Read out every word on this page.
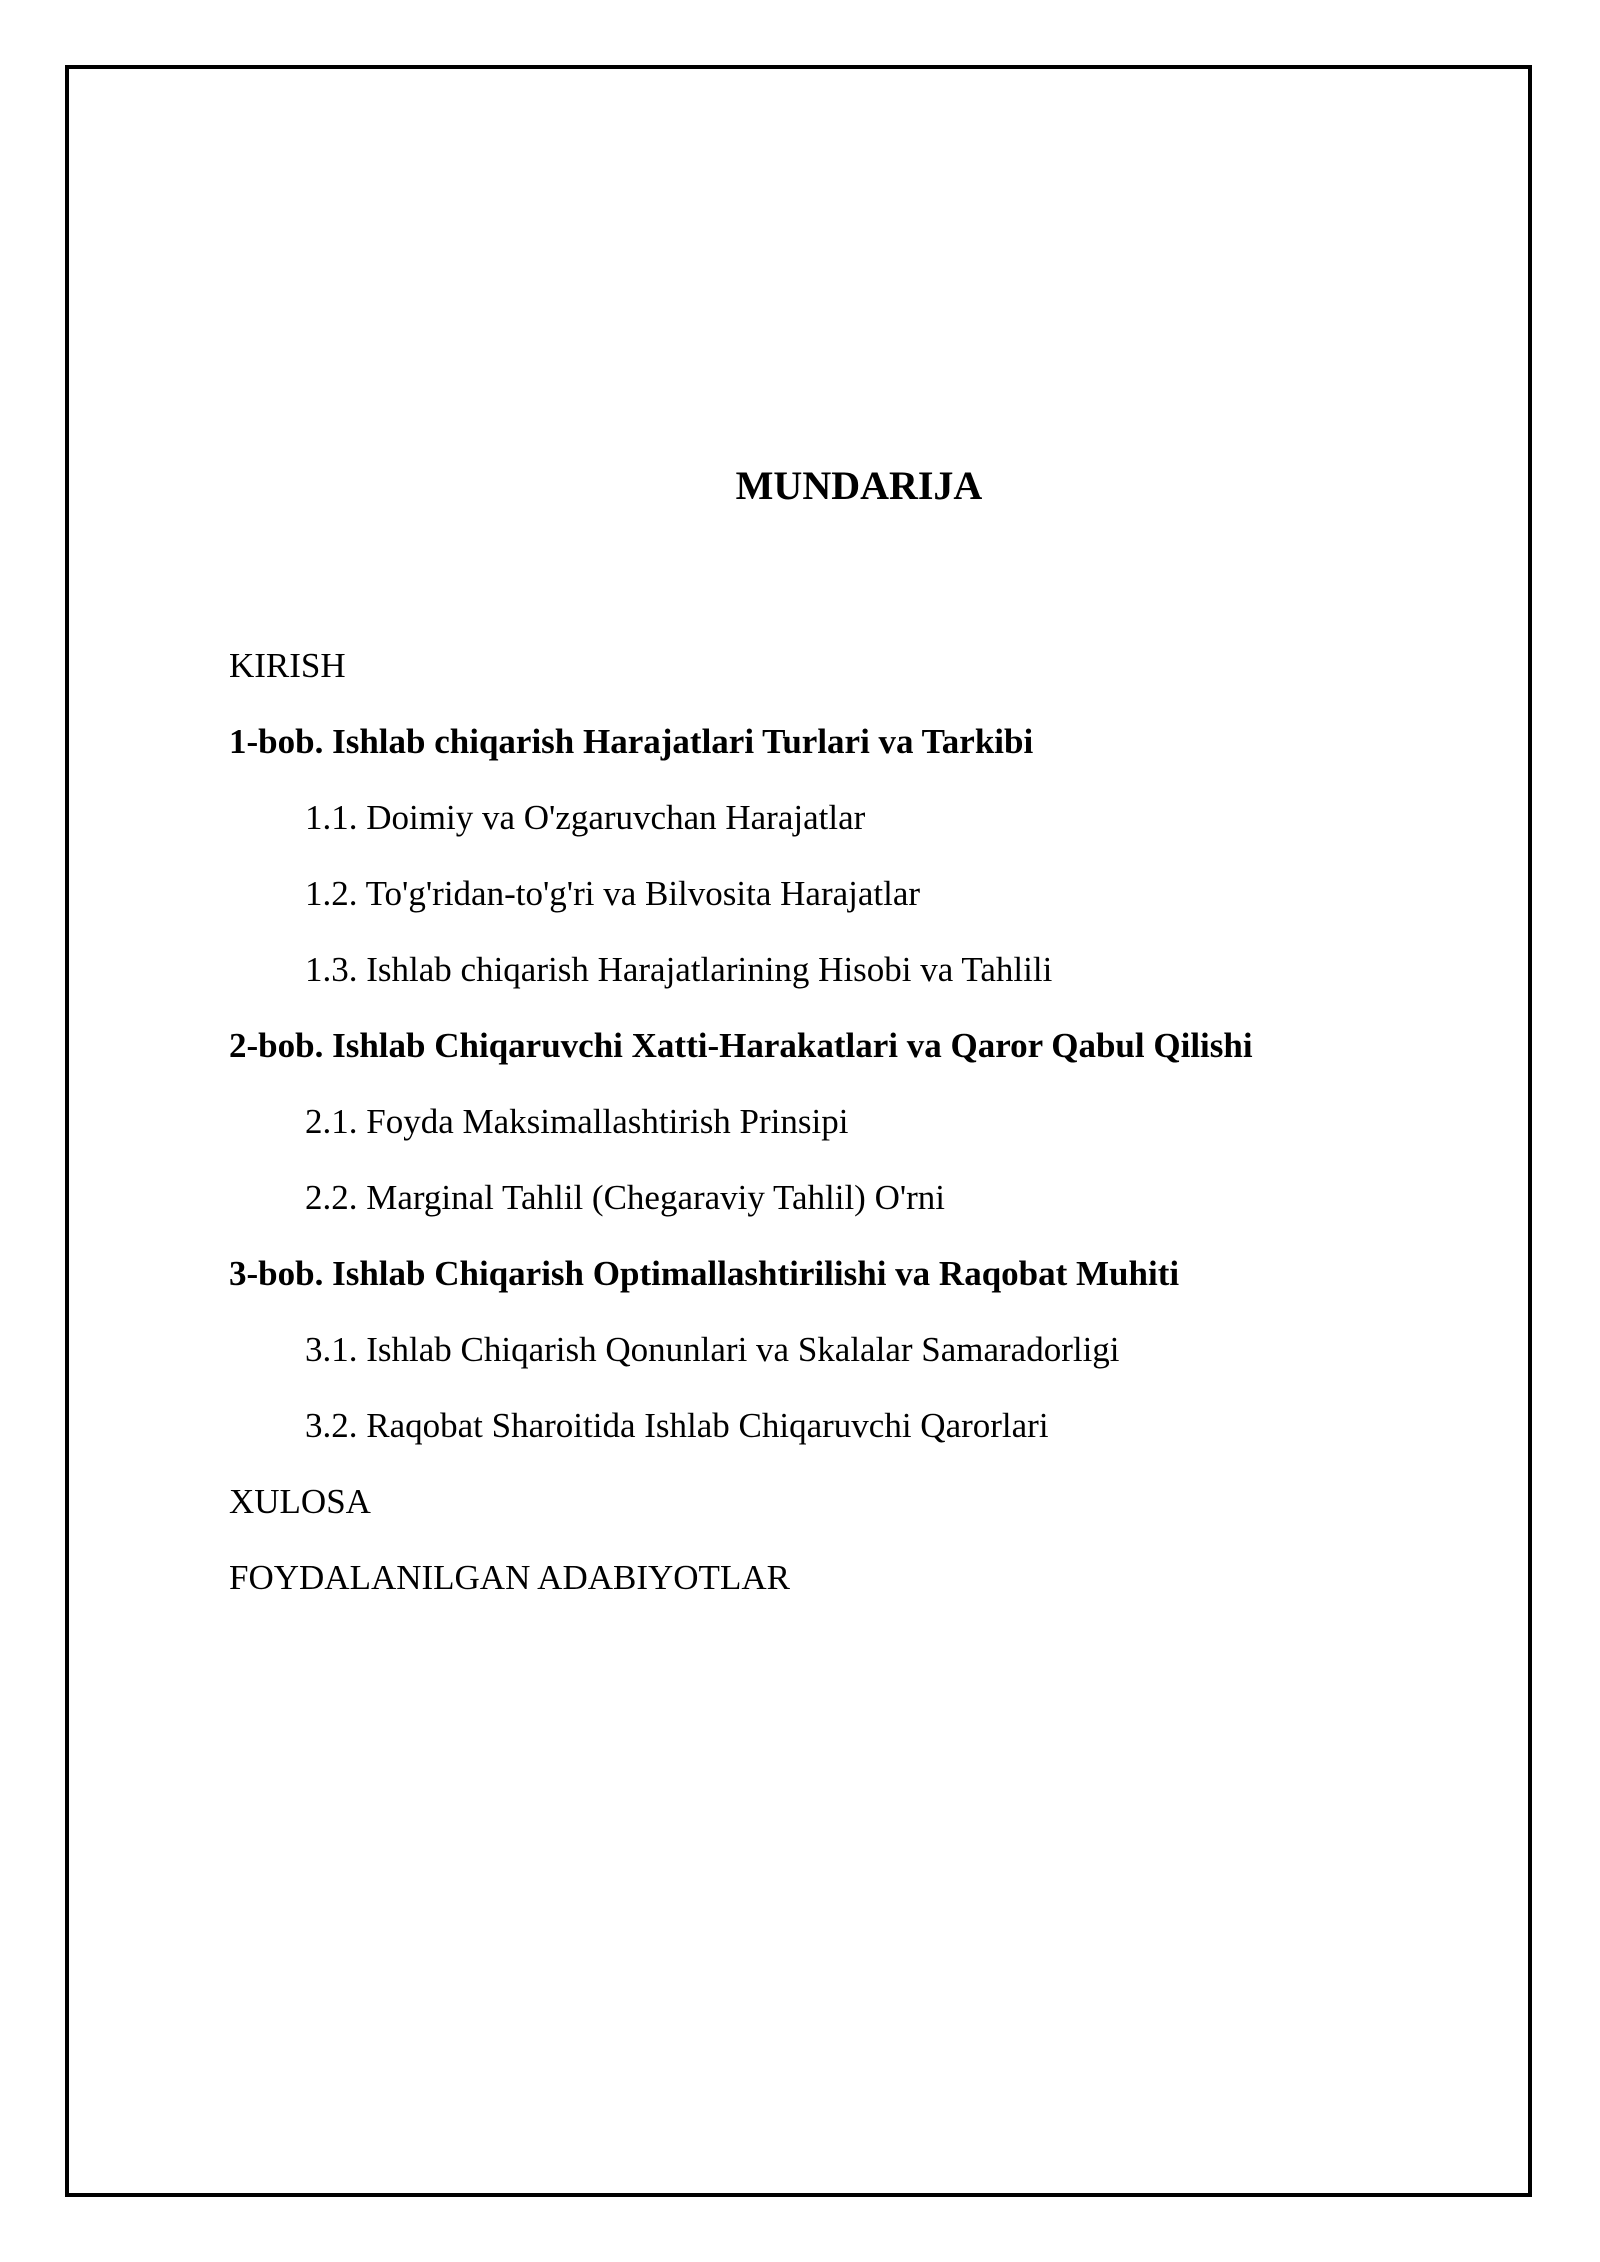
MUNDARIJA
KIRISH
1-bob. Ishlab chiqarish Harajatlari Turlari va Tarkibi
1.1. Doimiy va O'zgaruvchan Harajatlar
1.2. To'g'ridan-to'g'ri va Bilvosita Harajatlar
1.3. Ishlab chiqarish Harajatlarining Hisobi va Tahlili
2-bob. Ishlab Chiqaruvchi Xatti-Harakatlari va Qaror Qabul Qilishi
2.1. Foyda Maksimallashtirish Prinsipi
2.2. Marginal Tahlil (Chegaraviy Tahlil) O'rni
3-bob. Ishlab Chiqarish Optimallashtirilishi va Raqobat Muhiti
3.1. Ishlab Chiqarish Qonunlari va Skalalar Samaradorligi
3.2. Raqobat Sharoitida Ishlab Chiqaruvchi Qarorlari
XULOSA
FOYDALANILGAN ADABIYOTLAR
